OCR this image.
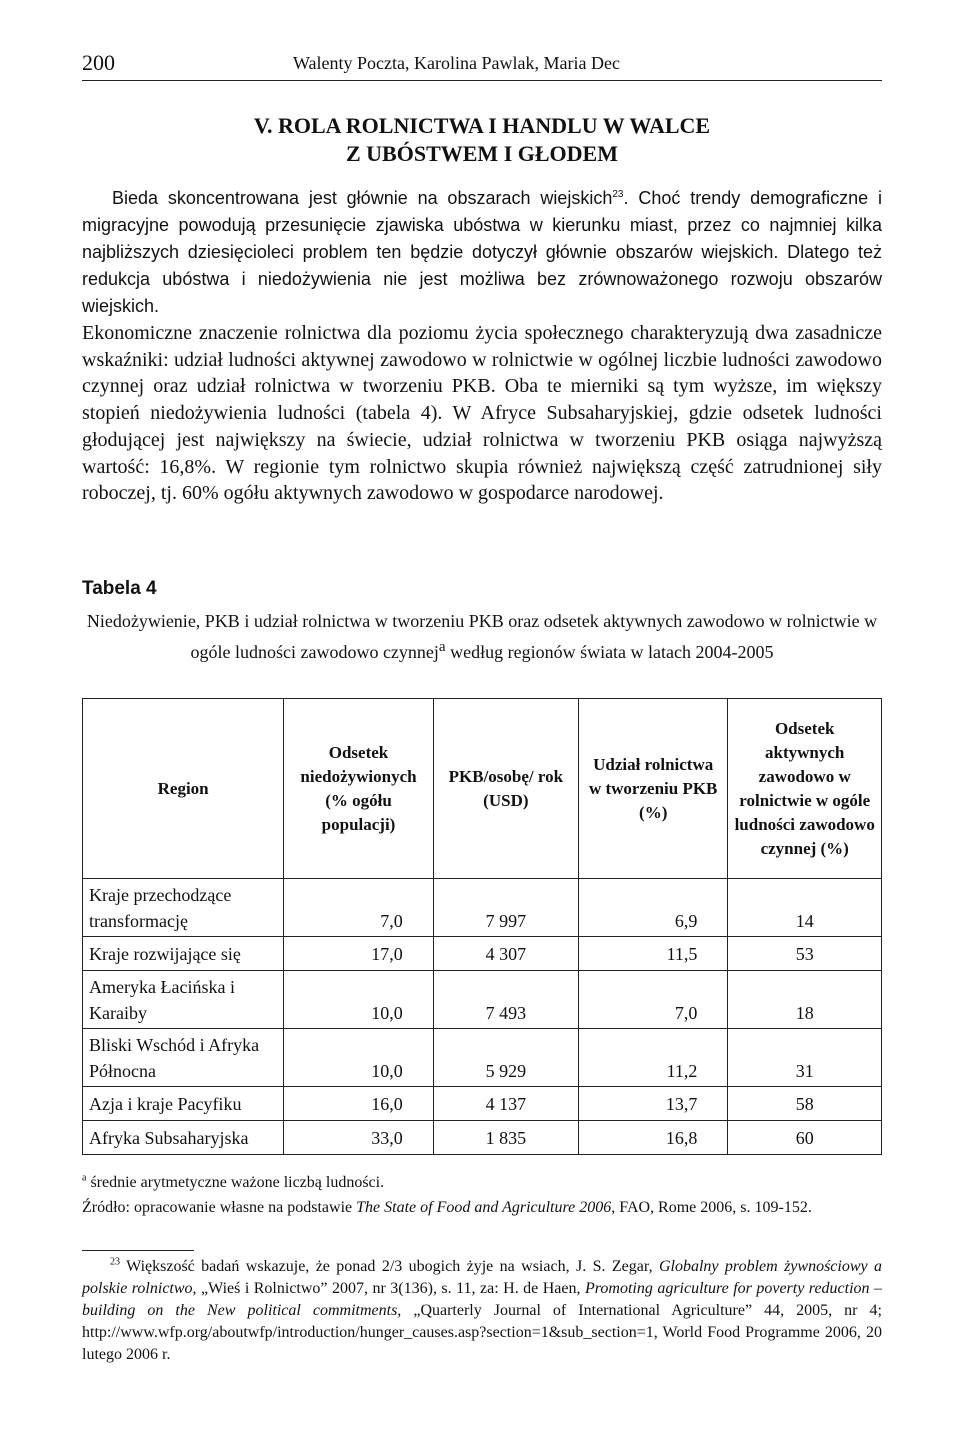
200	Walenty Poczta, Karolina Pawlak, Maria Dec
V. ROLA ROLNICTWA I HANDLU W WALCE
Z UBÓSTWEM I GŁODEM
Bieda skoncentrowana jest głównie na obszarach wiejskich$^{23}$. Choć trendy demograficzne i migracyjne powodują przesunięcie zjawiska ubóstwa w kierunku miast, przez co najmniej kilka najbliższych dziesięcioleci problem ten będzie dotyczył głównie obszarów wiejskich. Dlatego też redukcja ubóstwa i niedożywienia nie jest możliwa bez zrównoważonego rozwoju obszarów wiejskich.
Ekonomiczne znaczenie rolnictwa dla poziomu życia społecznego charakteryzują dwa zasadnicze wskaźniki: udział ludności aktywnej zawodowo w rolnictwie w ogólnej liczbie ludności zawodowo czynnej oraz udział rolnictwa w tworzeniu PKB. Oba te mierniki są tym wyższe, im większy stopień niedożywienia ludności (tabela 4). W Afryce Subsaharyjskiej, gdzie odsetek ludności głodującej jest największy na świecie, udział rolnictwa w tworzeniu PKB osiąga najwyższą wartość: 16,8%. W regionie tym rolnictwo skupia również największą część zatrudnionej siły roboczej, tj. 60% ogółu aktywnych zawodowo w gospodarce narodowej.
Tabela 4
Niedożywienie, PKB i udział rolnictwa w tworzeniu PKB oraz odsetek aktywnych zawodowo w rolnictwie w ogóle ludności zawodowo czynnej$^a$ według regionów świata w latach 2004-2005
Region	Odsetek niedożywionych (% ogółu populacji)	PKB/osobę/ rok (USD)	Udział rolnictwa w tworzeniu PKB (%)	Odsetek aktywnych zawodowo w rolnictwie w ogóle ludności zawodowo czynnej (%)
Kraje przechodzące transformację	7,0	7 997	6,9	14
Kraje rozwijające się	17,0	4 307	11,5	53
Ameryka Łacińska i Karaiby	10,0	7 493	7,0	18
Bliski Wschód i Afryka Północna	10,0	5 929	11,2	31
Azja i kraje Pacyfiku	16,0	4 137	13,7	58
Afryka Subsaharyjska	33,0	1 835	16,8	60
$^a$ średnie arytmetyczne ważone liczbą ludności.
Źródło: opracowanie własne na podstawie The State of Food and Agriculture 2006, FAO, Rome 2006, s. 109-152.
$^{23}$ Większość badań wskazuje, że ponad 2/3 ubogich żyje na wsiach, J. S. Zegar, Globalny problem żywnościowy a polskie rolnictwo, „Wieś i Rolnictwo” 2007, nr 3(136), s. 11, za: H. de Haen, Promoting agriculture for poverty reduction – building on the New political commitments, „Quarterly Journal of International Agriculture” 44, 2005, nr 4; http://www.wfp.org/aboutwfp/introduction/hunger_causes.asp?section=1&sub_section=1, World Food Programme 2006, 20 lutego 2006 r.
